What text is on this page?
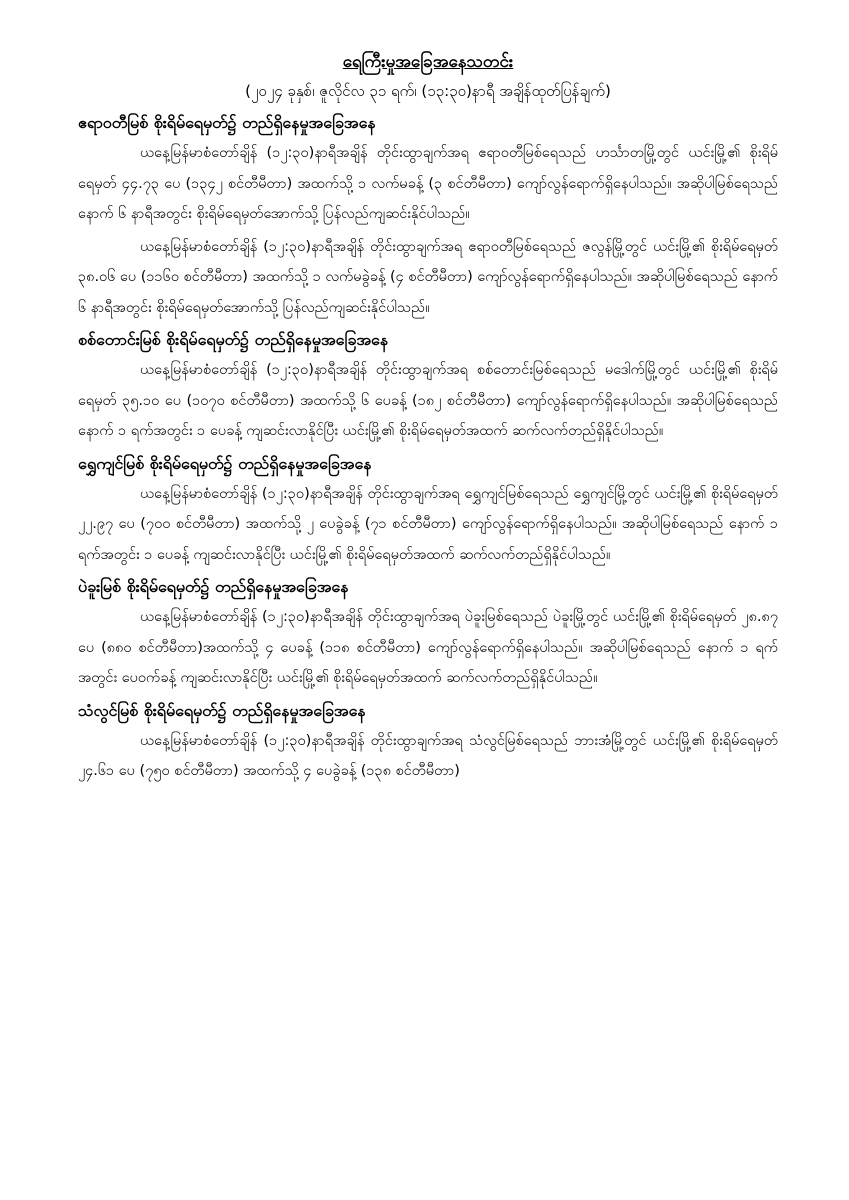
ရေကြီးမှုအခြေအနေသတင်း

(၂၀၂၄ ခုနှစ်၊ ဇူလိုင်လ ၃၁ ရက်၊ (၁၃:၃၀)နာရီ အချိန်ထုတ်ပြန်ချက်)

ဧရာဝတီမြစ် စိုးရိမ်ရေမှတ်၌ တည်ရှိနေမှုအခြေအနေ

ယနေ့မြန်မာစံတော်ချိန် (၁၂:၃၀)နာရီအချိန် တိုင်းထွာချက်အရ ဧရာဝတီမြစ်ရေသည် ဟင်္သာတမြို့တွင် ယင်းမြို့၏ စိုးရိမ်ရေမှတ် ၄၄.၇၃ ပေ (၁၃၄၂ စင်တီမီတာ) အထက်သို့ ၁ လက်မခန့် (၃ စင်တီမီတာ) ကျော်လွန်ရောက်ရှိနေပါသည်။ အဆိုပါမြစ်ရေသည် နောက် ၆ နာရီအတွင်း စိုးရိမ်ရေမှတ်အောက်သို့ ပြန်လည်ကျဆင်းနိုင်ပါသည်။

ယနေ့မြန်မာစံတော်ချိန် (၁၂:၃၀)နာရီအချိန် တိုင်းထွာချက်အရ ဧရာဝတီမြစ်ရေသည် ဇလွန်မြို့တွင် ယင်းမြို့၏ စိုးရိမ်ရေမှတ် ၃၈.၀၆ ပေ (၁၁၆၀ စင်တီမီတာ) အထက်သို့ ၁ လက်မခွဲခန့် (၄ စင်တီမီတာ) ကျော်လွန်ရောက်ရှိနေပါသည်။ အဆိုပါမြစ်ရေသည် နောက် ၆ နာရီအတွင်း စိုးရိမ်ရေမှတ်အောက်သို့ ပြန်လည်ကျဆင်းနိုင်ပါသည်။

စစ်တောင်းမြစ် စိုးရိမ်ရေမှတ်၌ တည်ရှိနေမှုအခြေအနေ

ယနေ့မြန်မာစံတော်ချိန် (၁၂:၃၀)နာရီအချိန် တိုင်းထွာချက်အရ စစ်တောင်းမြစ်ရေသည် မဒေါက်မြို့တွင် ယင်းမြို့၏ စိုးရိမ်ရေမှတ် ၃၅.၁၀ ပေ (၁၀၇၀ စင်တီမီတာ) အထက်သို့ ၆ ပေခန့် (၁၈၂ စင်တီမီတာ) ကျော်လွန်ရောက်ရှိနေပါသည်။ အဆိုပါမြစ်ရေသည် နောက် ၁ ရက်အတွင်း ၁ ပေခန့် ကျဆင်းလာနိုင်ပြီး ယင်းမြို့၏ စိုးရိမ်ရေမှတ်အထက် ဆက်လက်တည်ရှိနိုင်ပါသည်။

ရွှေကျင်မြစ် စိုးရိမ်ရေမှတ်၌ တည်ရှိနေမှုအခြေအနေ

ယနေ့မြန်မာစံတော်ချိန် (၁၂:၃၀)နာရီအချိန် တိုင်းထွာချက်အရ ရွှေကျင်မြစ်ရေသည် ရွှေကျင်မြို့တွင် ယင်းမြို့၏ စိုးရိမ်ရေမှတ် ၂၂.၉၇ ပေ (၇၀၀ စင်တီမီတာ) အထက်သို့ ၂ ပေခွဲခန့် (၇၁ စင်တီမီတာ) ကျော်လွန်ရောက်ရှိနေပါသည်။ အဆိုပါမြစ်ရေသည် နောက် ၁ ရက်အတွင်း ၁ ပေခန့် ကျဆင်းလာနိုင်ပြီး ယင်းမြို့၏ စိုးရိမ်ရေမှတ်အထက် ဆက်လက်တည်ရှိနိုင်ပါသည်။

ပဲခူးမြစ် စိုးရိမ်ရေမှတ်၌ တည်ရှိနေမှုအခြေအနေ

ယနေ့မြန်မာစံတော်ချိန် (၁၂:၃၀)နာရီအချိန် တိုင်းထွာချက်အရ ပဲခူးမြစ်ရေသည် ပဲခူးမြို့တွင် ယင်းမြို့၏ စိုးရိမ်ရေမှတ် ၂၈.၈၇ ပေ (၈၈၀ စင်တီမီတာ)အထက်သို့ ၄ ပေခန့် (၁၁၈ စင်တီမီတာ) ကျော်လွန်ရောက်ရှိနေပါသည်။ အဆိုပါမြစ်ရေသည် နောက် ၁ ရက်အတွင်း ပေဝက်ခန့် ကျဆင်းလာနိုင်ပြီး ယင်းမြို့၏ စိုးရိမ်ရေမှတ်အထက် ဆက်လက်တည်ရှိနိုင်ပါသည်။

သံလွင်မြစ် စိုးရိမ်ရေမှတ်၌ တည်ရှိနေမှုအခြေအနေ

ယနေ့မြန်မာစံတော်ချိန် (၁၂:၃၀)နာရီအချိန် တိုင်းထွာချက်အရ သံလွင်မြစ်ရေသည် ဘားအံမြို့တွင် ယင်းမြို့၏ စိုးရိမ်ရေမှတ် ၂၄.၆၁ ပေ (၇၅၀ စင်တီမီတာ) အထက်သို့ ၄ ပေခွဲခန့် (၁၃၈ စင်တီမီတာ)
